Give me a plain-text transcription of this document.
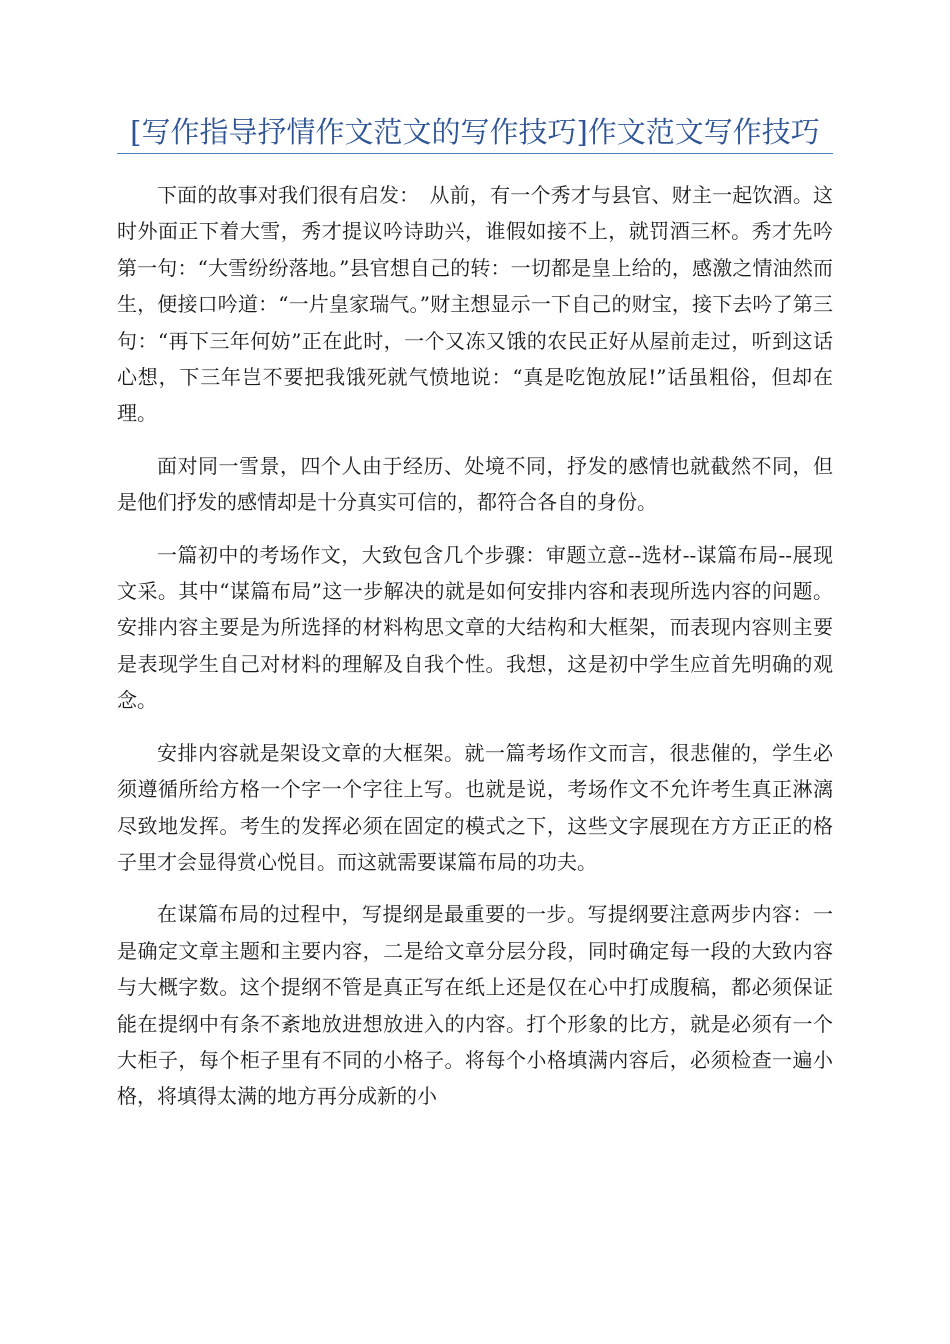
[写作指导抒情作文范文的写作技巧]作文范文写作技巧

下面的故事对我们很有启发：　从前，有一个秀才与县官、财主一起饮酒。这时外面正下着大雪，秀才提议吟诗助兴，谁假如接不上，就罚酒三杯。秀才先吟第一句：“大雪纷纷落地。”县官想自己的转：一切都是皇上给的，感激之情油然而生，便接口吟道：“一片皇家瑞气。”财主想显示一下自己的财宝，接下去吟了第三句：“再下三年何妨”正在此时，一个又冻又饿的农民正好从屋前走过，听到这话心想，下三年岂不要把我饿死就气愤地说：“真是吃饱放屁!”话虽粗俗，但却在理。

面对同一雪景，四个人由于经历、处境不同，抒发的感情也就截然不同，但是他们抒发的感情却是十分真实可信的，都符合各自的身份。

一篇初中的考场作文，大致包含几个步骤：审题立意--选材--谋篇布局--展现文采。其中“谋篇布局”这一步解决的就是如何安排内容和表现所选内容的问题。安排内容主要是为所选择的材料构思文章的大结构和大框架，而表现内容则主要是表现学生自己对材料的理解及自我个性。我想，这是初中学生应首先明确的观念。

安排内容就是架设文章的大框架。就一篇考场作文而言，很悲催的，学生必须遵循所给方格一个字一个字往上写。也就是说，考场作文不允许考生真正淋漓尽致地发挥。考生的发挥必须在固定的模式之下，这些文字展现在方方正正的格子里才会显得赏心悦目。而这就需要谋篇布局的功夫。

在谋篇布局的过程中，写提纲是最重要的一步。写提纲要注意两步内容：一是确定文章主题和主要内容，二是给文章分层分段，同时确定每一段的大致内容与大概字数。这个提纲不管是真正写在纸上还是仅在心中打成腹稿，都必须保证能在提纲中有条不紊地放进想放进入的内容。打个形象的比方，就是必须有一个大柜子，每个柜子里有不同的小格子。将每个小格填满内容后，必须检查一遍小格，将填得太满的地方再分成新的小
